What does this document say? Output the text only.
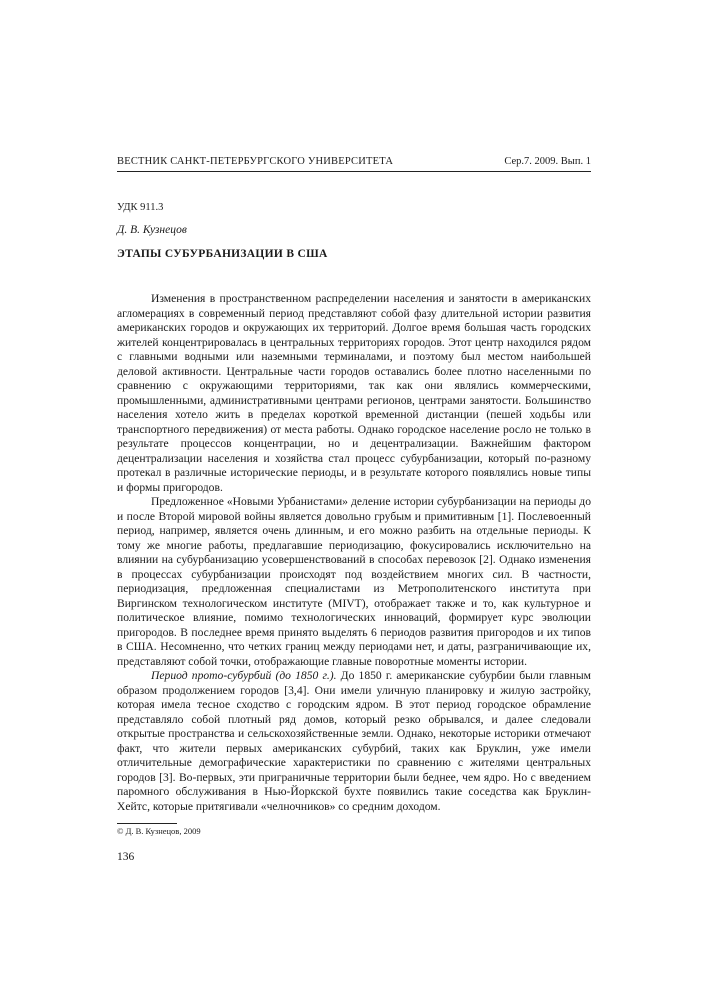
ВЕСТНИК САНКТ-ПЕТЕРБУРГСКОГО УНИВЕРСИТЕТА	Сер.7. 2009. Вып. 1
УДК 911.3
Д. В. Кузнецов
ЭТАПЫ СУБУРБАНИЗАЦИИ В США

Изменения в пространственном распределении населения и занятости в американских агломерациях в современный период представляют собой фазу длительной истории развития американских городов и окружающих их территорий. Долгое время большая часть городских жителей концентрировалась в центральных территориях городов. Этот центр находился рядом с главными водными или наземными терминалами, и поэтому был местом наибольшей деловой активности. Центральные части городов оставались более плотно населенными по сравнению с окружающими территориями, так как они являлись коммерческими, промышленными, административными центрами регионов, центрами занятости. Большинство населения хотело жить в пределах короткой временной дистанции (пешей ходьбы или транспортного передвижения) от места работы. Однако городское население росло не только в результате процессов концентрации, но и децентрализации. Важнейшим фактором децентрализации населения и хозяйства стал процесс субурбанизации, который по-разному протекал в различные исторические периоды, и в результате которого появлялись новые типы и формы пригородов.

Предложенное «Новыми Урбанистами» деление истории субурбанизации на периоды до и после Второй мировой войны является довольно грубым и примитивным [1]. Послевоенный период, например, является очень длинным, и его можно разбить на отдельные периоды. К тому же многие работы, предлагавшие периодизацию, фокусировались исключительно на влиянии на субурбанизацию усовершенствований в способах перевозок [2]. Однако изменения в процессах субурбанизации происходят под воздействием многих сил. В частности, периодизация, предложенная специалистами из Метрополитенского института при Виргинском технологическом институте (MIVT), отображает также и то, как культурное и политическое влияние, помимо технологических инноваций, формирует курс эволюции пригородов. В последнее время принято выделять 6 периодов развития пригородов и их типов в США. Несомненно, что четких границ между периодами нет, и даты, разграничивающие их, представляют собой точки, отображающие главные поворотные моменты истории.

Период прото-субурбий (до 1850 г.). До 1850 г. американские субурбии были главным образом продолжением городов [3,4]. Они имели уличную планировку и жилую застройку, которая имела тесное сходство с городским ядром. В этот период городское обрамление представляло собой плотный ряд домов, который резко обрывался, и далее следовали открытые пространства и сельскохозяйственные земли. Однако, некоторые историки отмечают факт, что жители первых американских субурбий, таких как Бруклин, уже имели отличительные демографические характеристики по сравнению с жителями центральных городов [3]. Во-первых, эти приграничные территории были беднее, чем ядро. Но с введением паромного обслуживания в Нью-Йоркской бухте появились такие соседства как Бруклин-Хейтс, которые притягивали «челночников» со средним доходом.

© Д. В. Кузнецов, 2009
136
